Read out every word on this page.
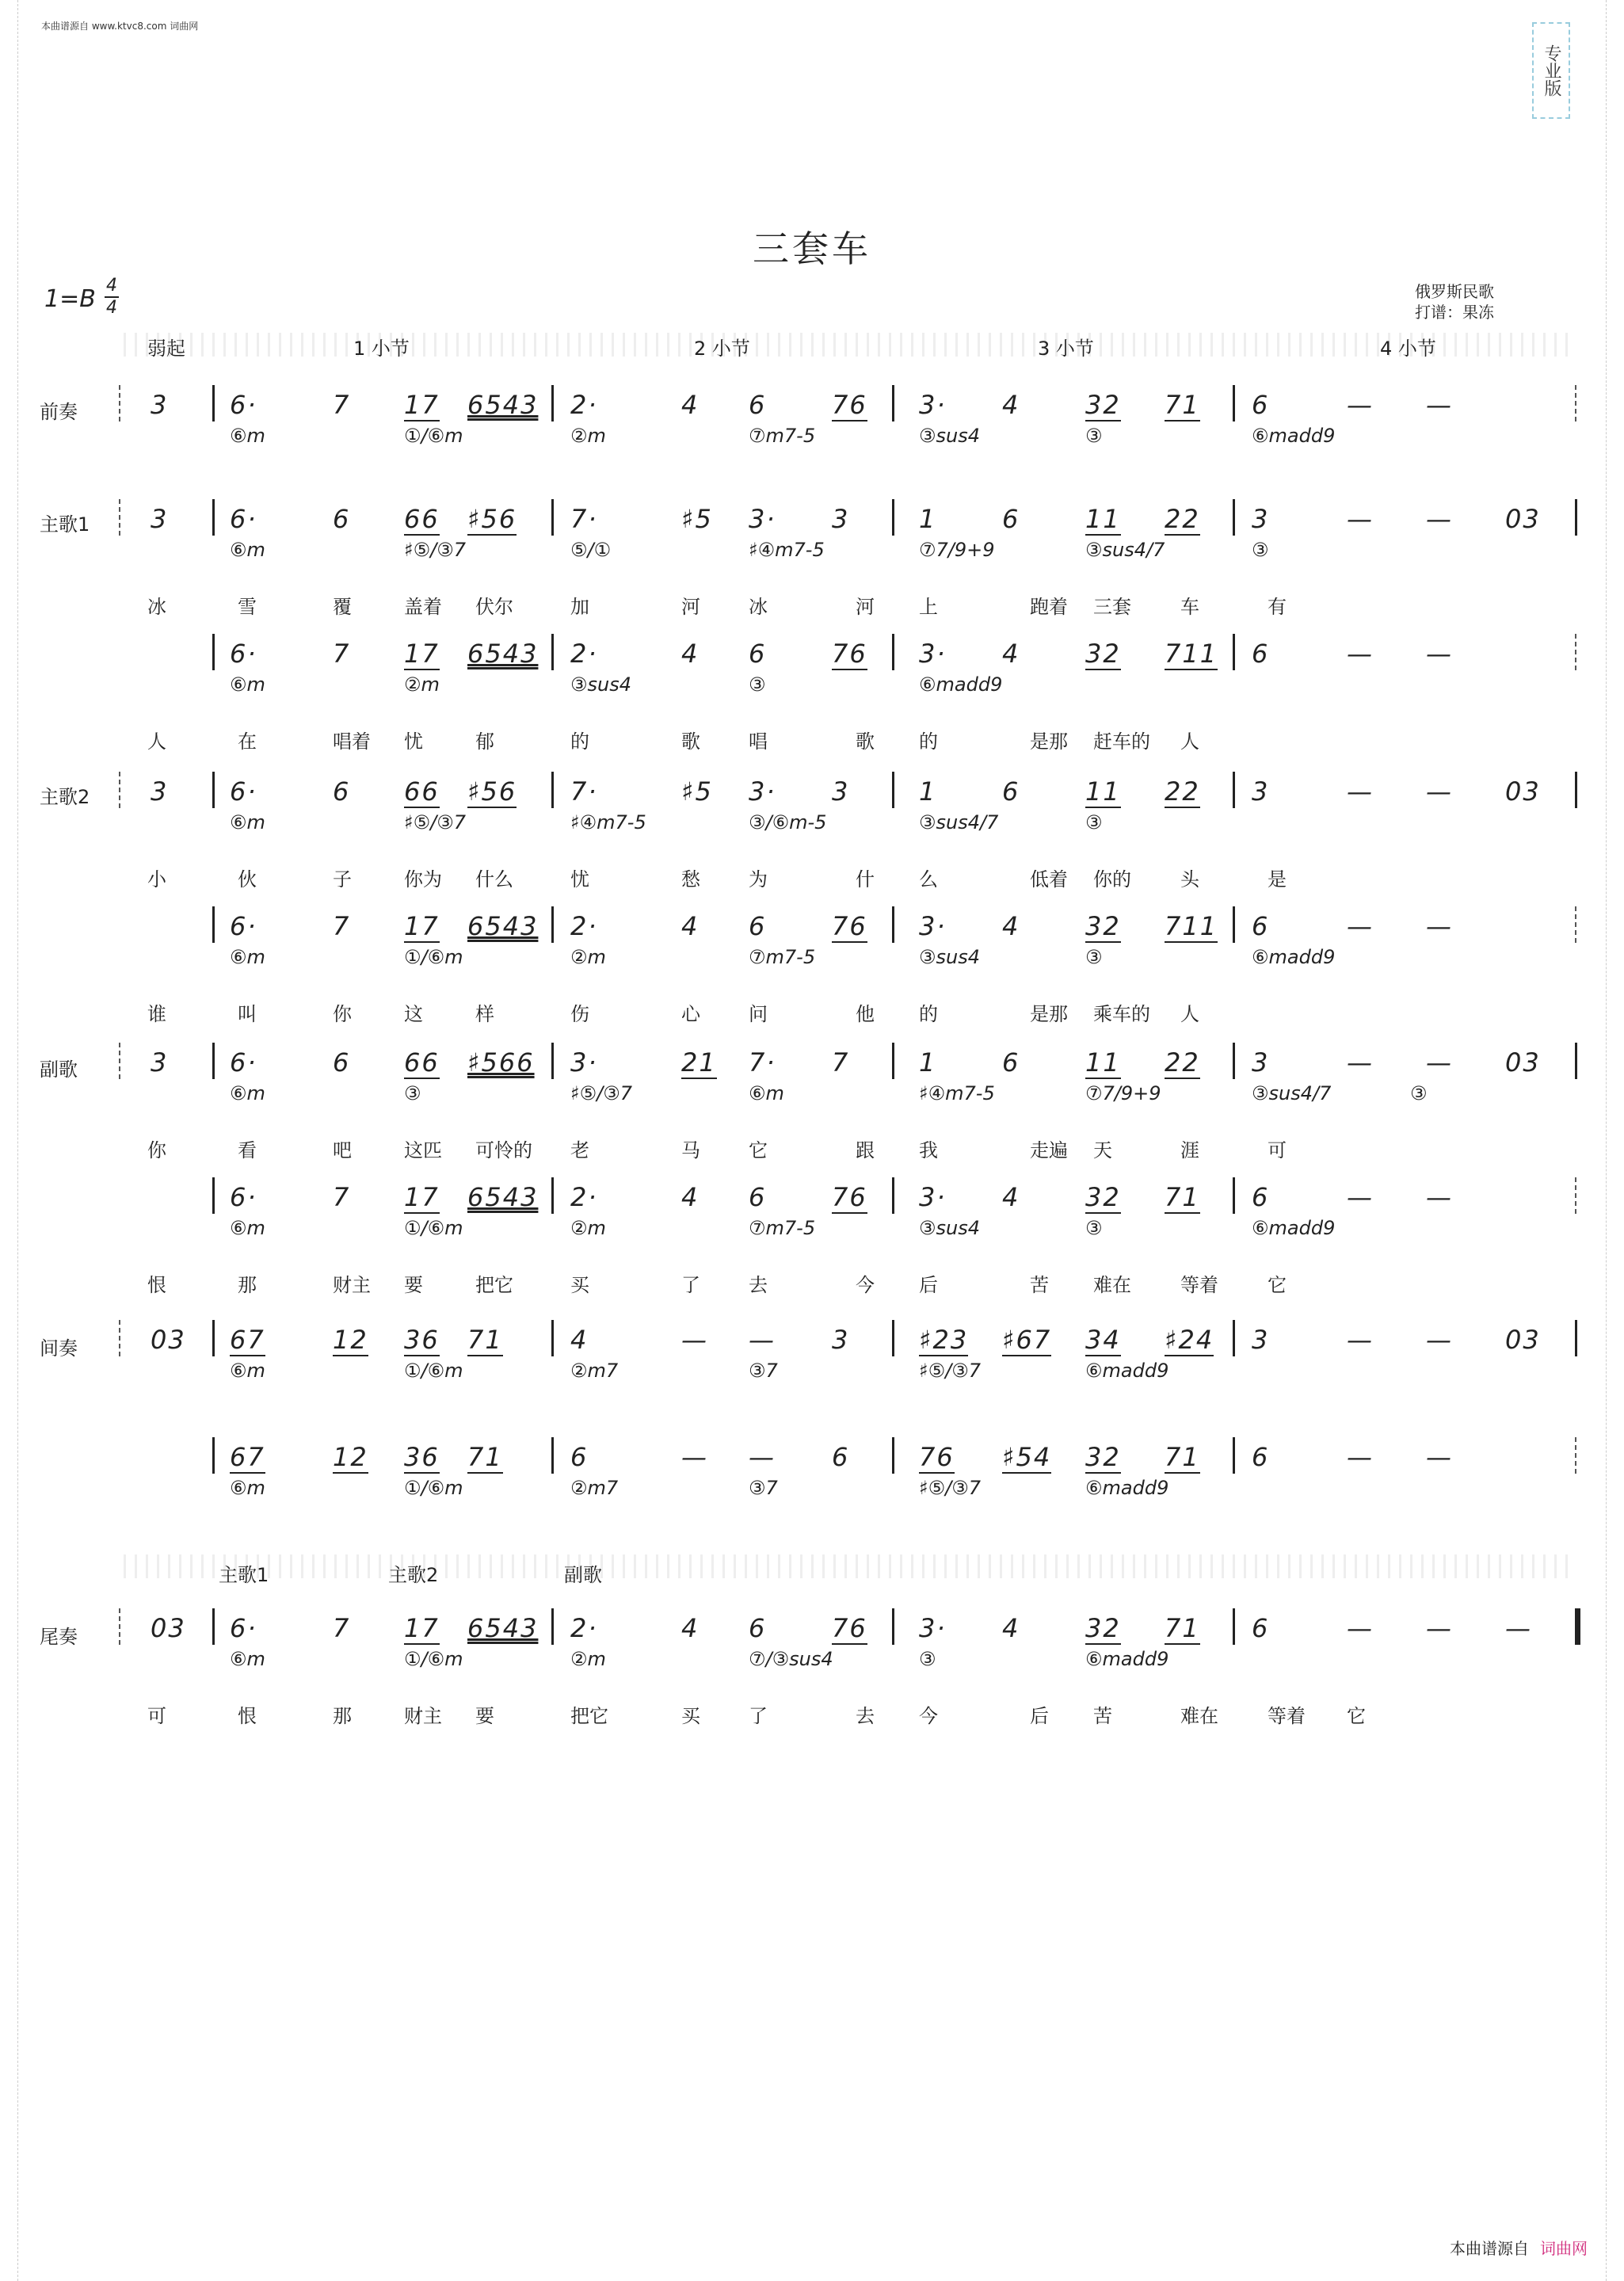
本曲谱源自 www.ktvc8.com 词曲网
专业版
三套车
1=B 4
4
俄罗斯民歌
打谱：果冻
弱起	1 小节	2 小节	3 小节	4 小节
主歌1	主歌2	副歌
前奏
主歌1
主歌2
副歌
间奏
尾奏
3 6·	7 17 6543 2·	4 6	76 3· 4	32 71 6	— —
⑥m	①/⑥m	②m	⑦m7-5	③sus4	③	⑥madd9
3 6·	6 66 ♯56 7·	♯5 3· 3	1	6	11 22 3	— — 03
⑥m	♯⑤/③7	⑤/①	♯④m7-5	⑦7/9+9	③sus4/7	③
冰	雪	覆	盖着 伏尔	加	河	冰	河 上	跑着 三套	车	有
6·	7 17 6543 2·	4 6	76 3· 4	32 711 6	— —
⑥m	②m	③sus4	③	⑥madd9
人	在	唱着 忧	郁	的	歌	唱	歌 的	是那 赶车的 人
3 6·	6 66 ♯56 7·	♯5 3· 3	1	6	11 22 3	— — 03
⑥m	♯⑤/③7	♯④m7-5	③/⑥m-5	③sus4/7	③
小	伙	子	你为 什么	忧	愁	为	什 么	低着 你的	头	是
6·	7 17 6543 2·	4 6	76 3· 4	32 711 6	— —
⑥m	①/⑥m	②m	⑦m7-5	③sus4	③	⑥madd9
谁	叫	你	这	样	伤	心	问	他 的	是那 乘车的 人
3 6·	6 66 ♯566 3·	21 7· 7	1	6	11 22 3	— — 03
⑥m	③	♯⑤/③7	⑥m	♯④m7-5	⑦7/9+9	③sus4/7	③
你	看	吧	这匹 可怜的 老	马	它	跟 我	走遍 天	涯	可
6·	7 17 6543 2·	4 6	76 3· 4	32 71 6	— —
⑥m	①/⑥m	②m	⑦m7-5	③sus4	③	⑥madd9
恨	那	财主 要	把它	买	了	去	今 后	苦 难在	等着	它
03 67	12 36 71	4	— — 3	♯23 ♯67 34 ♯24 3	— — 03
⑥m	①/⑥m	②m7	③7	♯⑤/③7	⑥madd9
67	12 36 71	6	— — 6	76 ♯54 32 71 6	— —
⑥m	①/⑥m	②m7	③7	♯⑤/③7	⑥madd9
03 6·	7 17 6543 2·	4 6	76 3· 4	32 71 6	— — —
⑥m	①/⑥m	②m	⑦/③sus4	③	⑥madd9
可	恨	那	财主 要	把它	买	了	去 今	后 苦	难在	等着 它
本曲谱源自 词曲网
